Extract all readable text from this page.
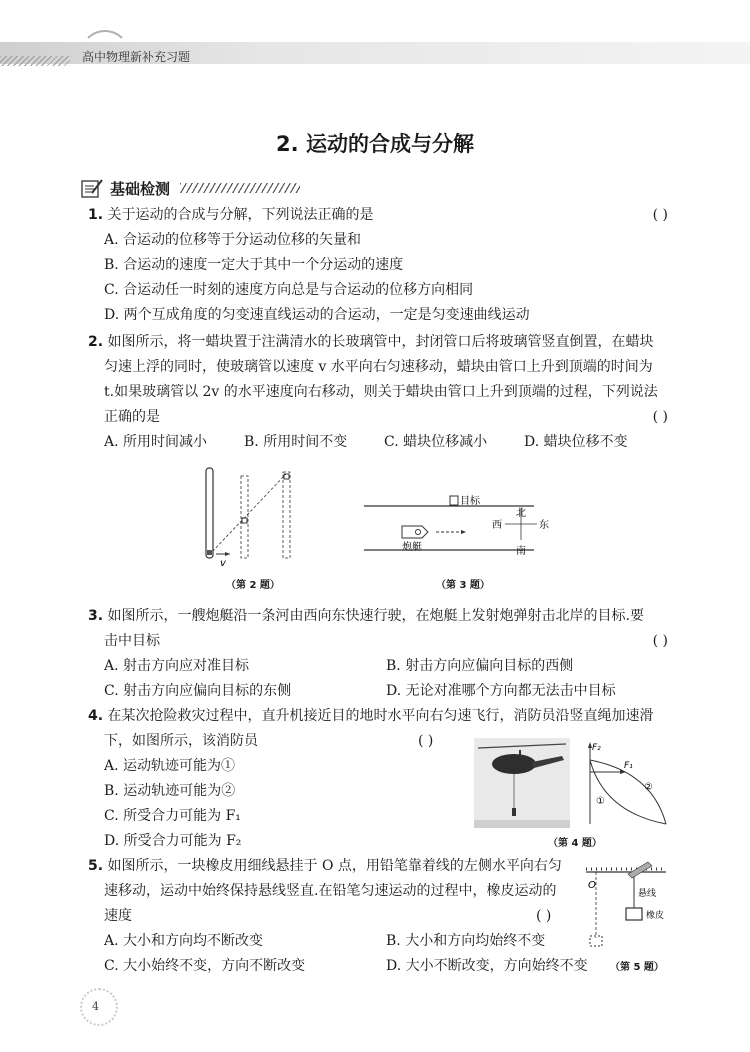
高中物理新补充习题
2. 运动的合成与分解
基础检测
1. 关于运动的合成与分解，下列说法正确的是	( )
A. 合运动的位移等于分运动位移的矢量和
B. 合运动的速度一定大于其中一个分运动的速度
C. 合运动任一时刻的速度方向总是与合运动的位移方向相同
D. 两个互成角度的匀变速直线运动的合运动，一定是匀变速曲线运动
2. 如图所示，将一蜡块置于注满清水的长玻璃管中，封闭管口后将玻璃管竖直倒置，在蜡块
匀速上浮的同时，使玻璃管以速度 v 水平向右匀速移动，蜡块由管口上升到顶端的时间为
t.如果玻璃管以 2v 的水平速度向右移动，则关于蜡块由管口上升到顶端的过程，下列说法
正确的是	( )
A. 所用时间减小	B. 所用时间不变	C. 蜡块位移减小	D. 蜡块位移不变
v
（第 2 题）
目标
炮艇
北
南
东
西
（第 3 题）
3. 如图所示，一艘炮艇沿一条河由西向东快速行驶，在炮艇上发射炮弹射击北岸的目标.要
击中目标	( )
A. 射击方向应对准目标	B. 射击方向应偏向目标的西侧
C. 射击方向应偏向目标的东侧	D. 无论对准哪个方向都无法击中目标
4. 在某次抢险救灾过程中，直升机接近目的地时水平向右匀速飞行，消防员沿竖直绳加速滑
下，如图所示，该消防员	( )
A. 运动轨迹可能为①
B. 运动轨迹可能为②
C. 所受合力可能为 F₁
D. 所受合力可能为 F₂
F₂
F₁
①
②
（第 4 题）
5. 如图所示，一块橡皮用细线悬挂于 O 点，用铅笔靠着线的左侧水平向右匀
速移动，运动中始终保持悬线竖直.在铅笔匀速运动的过程中，橡皮运动的
速度	( )
A. 大小和方向均不断改变	B. 大小和方向均始终不变
C. 大小始终不变，方向不断改变	D. 大小不断改变，方向始终不变
O
悬线
橡皮
（第 5 题）
4
